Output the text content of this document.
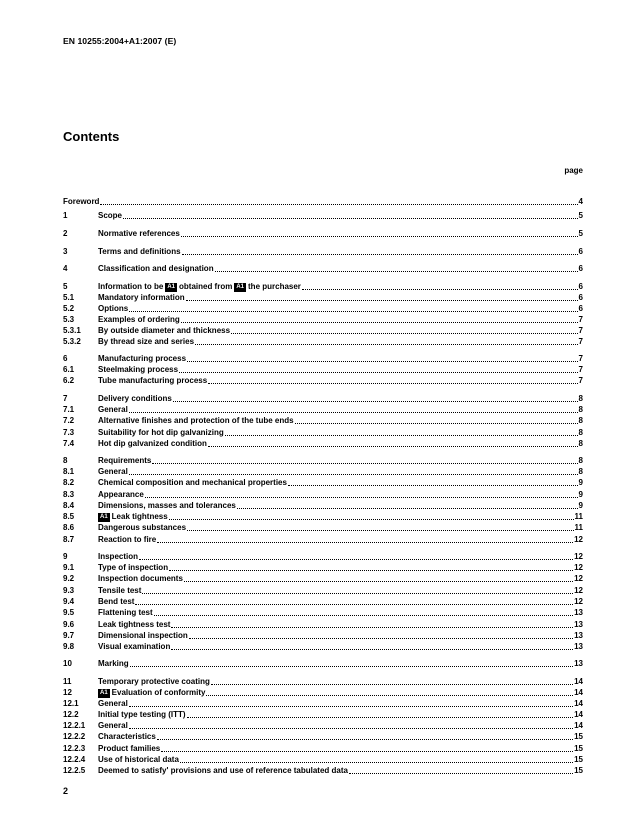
EN 10255:2004+A1:2007 (E)
Contents
page
Foreword	4
1	Scope	5
2	Normative references	5
3	Terms and definitions	6
4	Classification and designation	6
5	Information to be A1 obtained from A1 the purchaser	6
5.1	Mandatory information	6
5.2	Options	6
5.3	Examples of ordering	7
5.3.1	By outside diameter and thickness	7
5.3.2	By thread size and series	7
6	Manufacturing process	7
6.1	Steelmaking process	7
6.2	Tube manufacturing process	7
7	Delivery conditions	8
7.1	General	8
7.2	Alternative finishes and protection of the tube ends	8
7.3	Suitability for hot dip galvanizing	8
7.4	Hot dip galvanized condition	8
8	Requirements	8
8.1	General	8
8.2	Chemical composition and mechanical properties	9
8.3	Appearance	9
8.4	Dimensions, masses and tolerances	9
8.5	A1 Leak tightness	11
8.6	Dangerous substances	11
8.7	Reaction to fire	12
9	Inspection	12
9.1	Type of inspection	12
9.2	Inspection documents	12
9.3	Tensile test	12
9.4	Bend test	12
9.5	Flattening test	13
9.6	Leak tightness test	13
9.7	Dimensional inspection	13
9.8	Visual examination	13
10	Marking	13
11	Temporary protective coating	14
12	A1 Evaluation of conformity	14
12.1	General	14
12.2	Initial type testing (ITT)	14
12.2.1	General	14
12.2.2	Characteristics	15
12.2.3	Product families	15
12.2.4	Use of historical data	15
12.2.5	Deemed to satisfy' provisions and use of reference tabulated data	15
2
